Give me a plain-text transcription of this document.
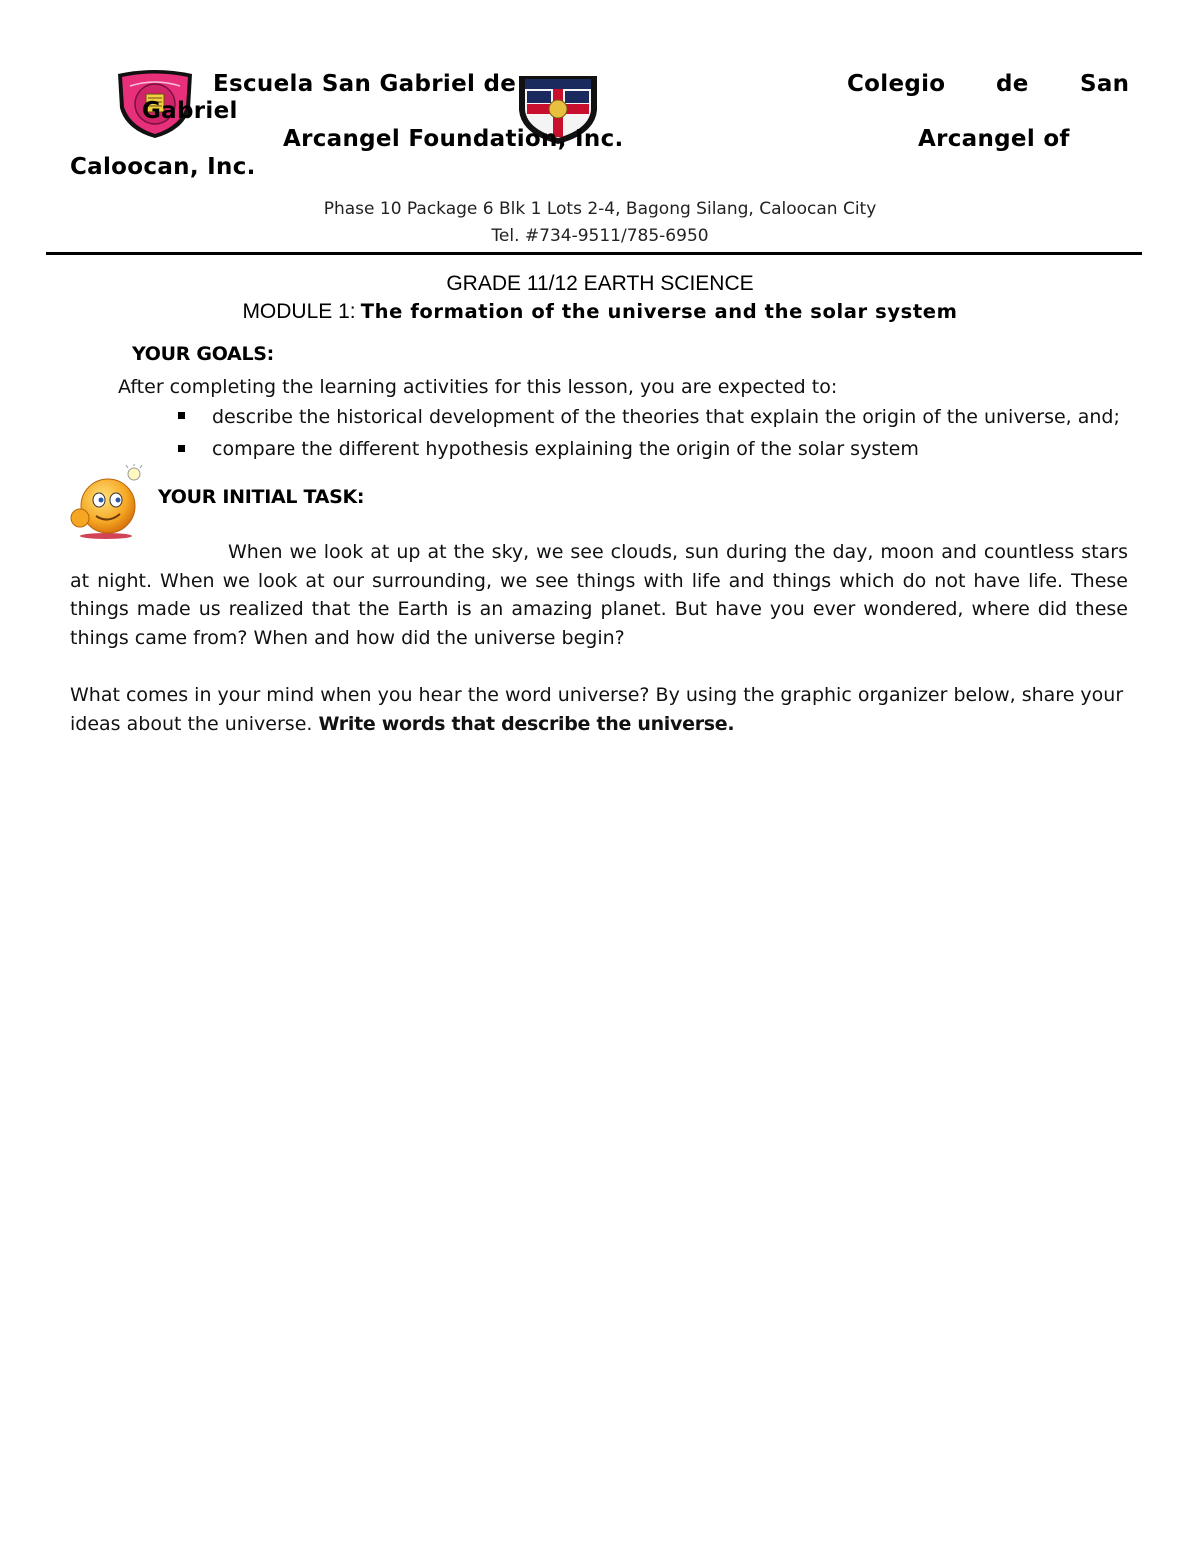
Escuela San Gabriel de
Gabriel
Arcangel Foundation, Inc.
Colegio de San
Arcangel of
Caloocan, Inc.
Phase 10 Package 6 Blk 1 Lots 2-4, Bagong Silang, Caloocan City
Tel. #734-9511/785-6950
GRADE 11/12 EARTH SCIENCE
MODULE 1: The formation of the universe and the solar system
YOUR GOALS:
After completing the learning activities for this lesson, you are expected to:
describe the historical development of the theories that explain the origin of the universe, and;
compare the different hypothesis explaining the origin of the solar system
YOUR INITIAL TASK:
When we look at up at the sky, we see clouds, sun during the day, moon and countless stars at night. When we look at our surrounding, we see things with life and things which do not have life. These things made us realized that the Earth is an amazing planet. But have you ever wondered, where did these things came from? When and how did the universe begin?
What comes in your mind when you hear the word universe? By using the graphic organizer below, share your ideas about the universe. Write words that describe the universe.
